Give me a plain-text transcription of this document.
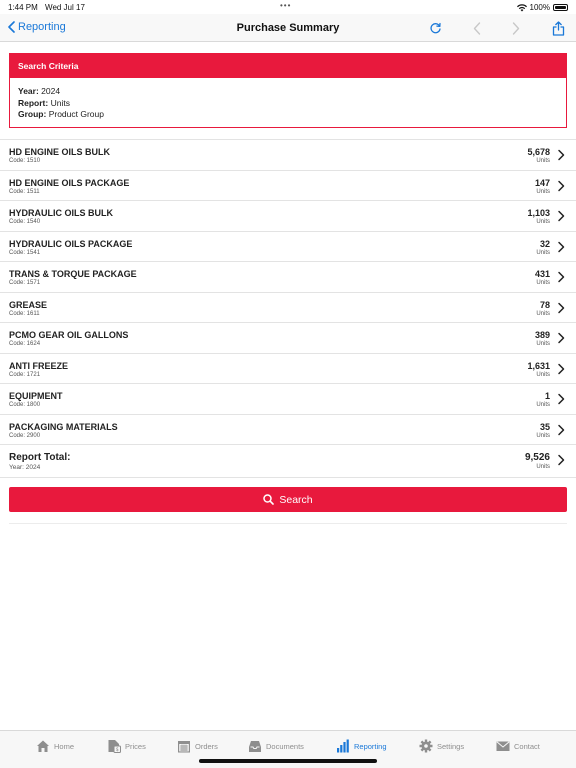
1:44 PM Wed Jul 17	•••	100%
Reporting	Purchase Summary
Search Criteria
Year: 2024
Report: Units
Group: Product Group
HD ENGINE OILS BULK
Code: 1510
5,678
Units
HD ENGINE OILS PACKAGE
Code: 1511
147
Units
HYDRAULIC OILS BULK
Code: 1540
1,103
Units
HYDRAULIC OILS PACKAGE
Code: 1541
32
Units
TRANS & TORQUE PACKAGE
Code: 1571
431
Units
GREASE
Code: 1611
78
Units
PCMO GEAR OIL GALLONS
Code: 1624
389
Units
ANTI FREEZE
Code: 1721
1,631
Units
EQUIPMENT
Code: 1800
1
Units
PACKAGING MATERIALS
Code: 2900
35
Units
Report Total:
Year: 2024
9,526
Units
Search
Home	$ Prices	Orders	Documents	Reporting	Settings	Contact
